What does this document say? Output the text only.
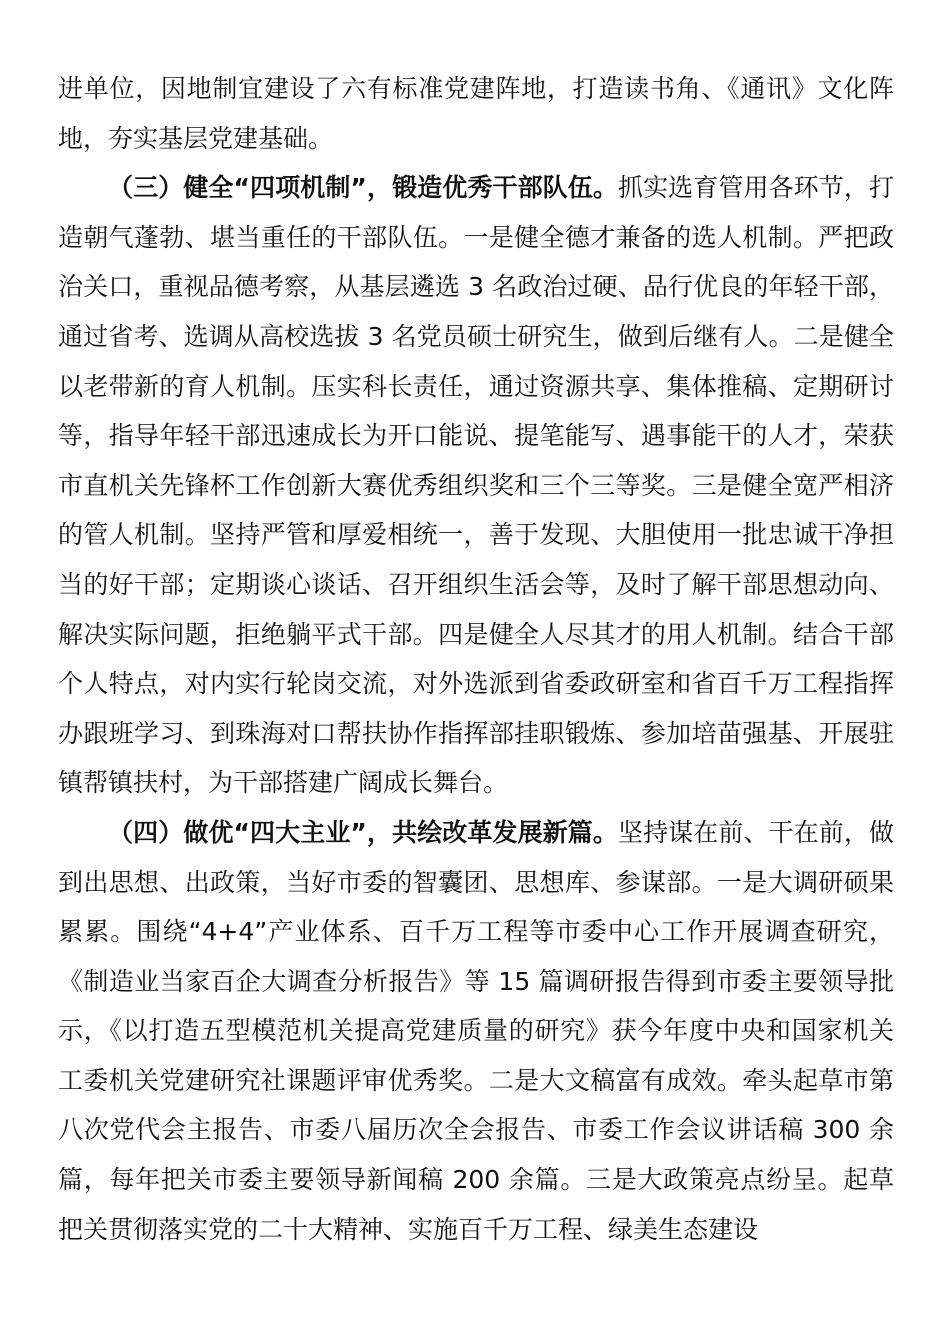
进单位，因地制宜建设了六有标准党建阵地，打造读书角、《通讯》文化阵地，夯实基层党建基础。

（三）健全“四项机制”，锻造优秀干部队伍。抓实选育管用各环节，打造朝气蓬勃、堪当重任的干部队伍。一是健全德才兼备的选人机制。严把政治关口，重视品德考察，从基层遴选 3 名政治过硬、品行优良的年轻干部，通过省考、选调从高校选拔 3 名党员硕士研究生，做到后继有人。二是健全以老带新的育人机制。压实科长责任，通过资源共享、集体推稿、定期研讨等，指导年轻干部迅速成长为开口能说、提笔能写、遇事能干的人才，荣获市直机关先锋杯工作创新大赛优秀组织奖和三个三等奖。三是健全宽严相济的管人机制。坚持严管和厚爱相统一，善于发现、大胆使用一批忠诚干净担当的好干部；定期谈心谈话、召开组织生活会等，及时了解干部思想动向、解决实际问题，拒绝躺平式干部。四是健全人尽其才的用人机制。结合干部个人特点，对内实行轮岗交流，对外选派到省委政研室和省百千万工程指挥办跟班学习、到珠海对口帮扶协作指挥部挂职锻炼、参加培苗强基、开展驻镇帮镇扶村，为干部搭建广阔成长舞台。

（四）做优“四大主业”，共绘改革发展新篇。坚持谋在前、干在前，做到出思想、出政策，当好市委的智囊团、思想库、参谋部。一是大调研硕果累累。围绕“4+4”产业体系、百千万工程等市委中心工作开展调查研究，《制造业当家百企大调查分析报告》等 15 篇调研报告得到市委主要领导批示，《以打造五型模范机关提高党建质量的研究》获今年度中央和国家机关工委机关党建研究社课题评审优秀奖。二是大文稿富有成效。牵头起草市第八次党代会主报告、市委八届历次全会报告、市委工作会议讲话稿 300 余篇，每年把关市委主要领导新闻稿 200 余篇。三是大政策亮点纷呈。起草把关贯彻落实党的二十大精神、实施百千万工程、绿美生态建设
